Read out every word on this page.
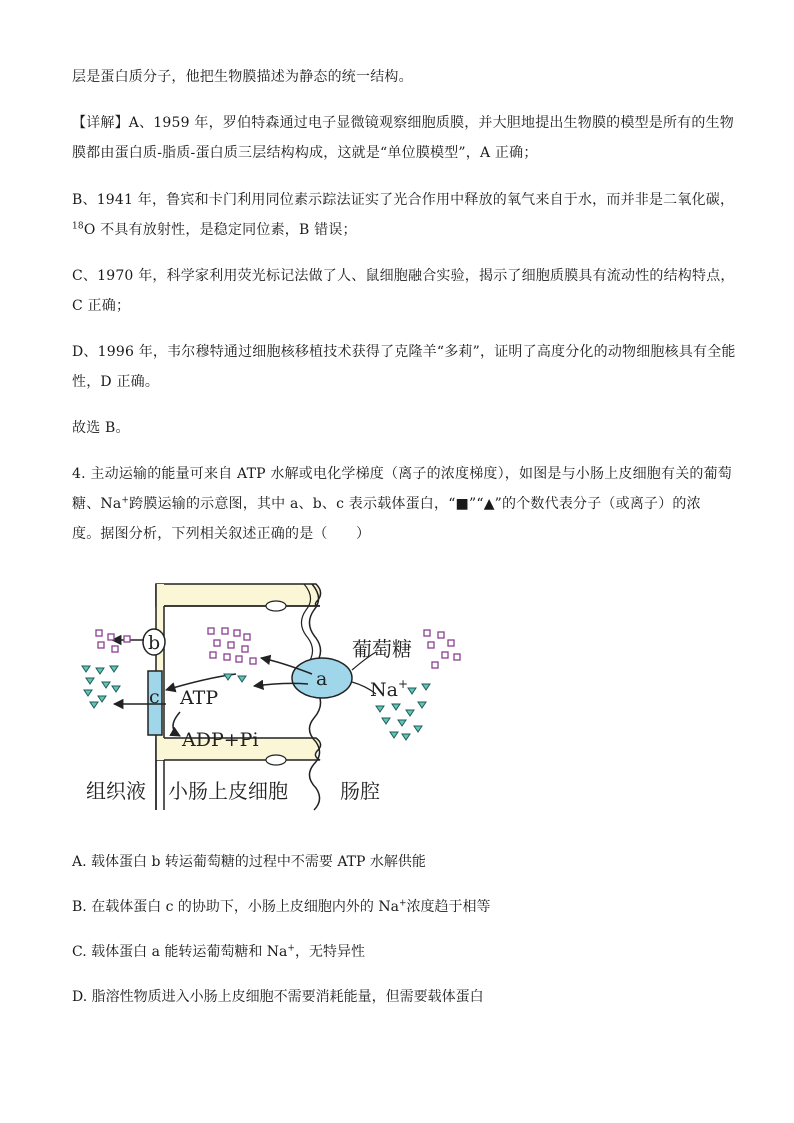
层是蛋白质分子，他把生物膜描述为静态的统一结构。
【详解】A、1959 年，罗伯特森通过电子显微镜观察细胞质膜，并大胆地提出生物膜的模型是所有的生物
膜都由蛋白质-脂质-蛋白质三层结构构成，这就是“单位膜模型”，A 正确；
B、1941 年，鲁宾和卡门利用同位素示踪法证实了光合作用中释放的氧气来自于水，而并非是二氧化碳，
$^{18}$O 不具有放射性，是稳定同位素，B 错误；
C、1970 年，科学家利用荧光标记法做了人、鼠细胞融合实验，揭示了细胞质膜具有流动性的结构特点，
C 正确；
D、1996 年，韦尔穆特通过细胞核移植技术获得了克隆羊“多莉”，证明了高度分化的动物细胞核具有全能
性，D 正确。
故选 B。
4. 主动运输的能量可来自 ATP 水解或电化学梯度（离子的浓度梯度），如图是与小肠上皮细胞有关的葡萄
糖、Na+跨膜运输的示意图，其中 a、b、c 表示载体蛋白，“■”“▲”的个数代表分子（或离子）的浓
度。据图分析，下列相关叙述正确的是（　　）
b
c
a
ATP
ADP+Pi
葡萄糖
Na+
组织液 小肠上皮细胞	肠腔
A. 载体蛋白 b 转运葡萄糖的过程中不需要 ATP 水解供能
B. 在载体蛋白 c 的协助下，小肠上皮细胞内外的 Na+浓度趋于相等
C. 载体蛋白 a 能转运葡萄糖和 Na+，无特异性
D. 脂溶性物质进入小肠上皮细胞不需要消耗能量，但需要载体蛋白
